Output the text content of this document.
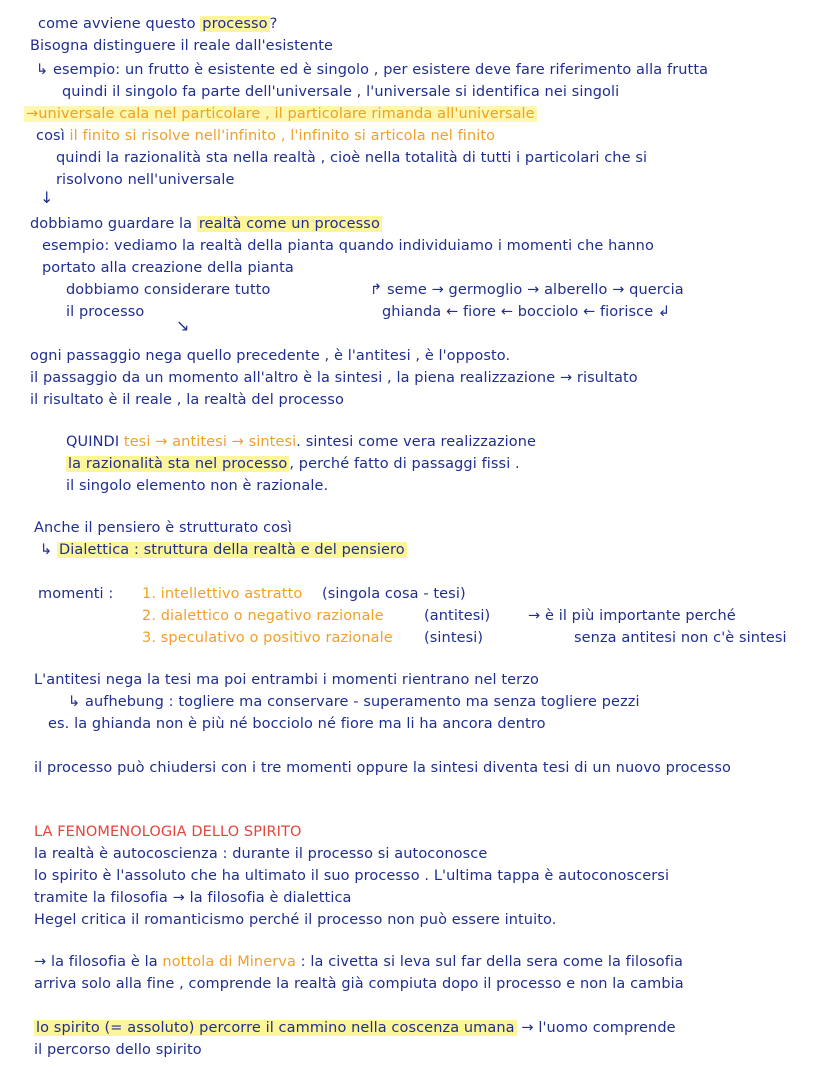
come avviene questo processo ?
Bisogna distinguere il reale dall'esistente
↳ esempio: un frutto è esistente ed è singolo , per esistere deve fare riferimento alla frutta
quindi il singolo fa parte dell'universale , l'universale si identifica nei singoli
→universale cala nel particolare , il particolare rimanda all'universale
così il finito si risolve nell'infinito , l'infinito si articola nel finito
quindi la razionalità sta nella realtà , cioè nella totalità di tutti i particolari che si
risolvono nell'universale
↓
dobbiamo guardare la realtà come un processo
esempio: vediamo la realtà della pianta quando individuiamo i momenti che hanno
portato alla creazione della pianta
dobbiamo considerare tutto	↱ seme → germoglio → alberello → quercia
il processo	ghianda ← fiore ← bocciolo ← fiorisce ↲
↘
ogni passaggio nega quello precedente , è l'antitesi , è l'opposto.
il passaggio da un momento all'altro è la sintesi , la piena realizzazione → risultato
il risultato è il reale , la realtà del processo
QUINDI tesi → antitesi → sintesi. sintesi come vera realizzazione
la razionalità sta nel processo , perché fatto di passaggi fissi .
il singolo elemento non è razionale.
Anche il pensiero è strutturato così
↳ Dialettica : struttura della realtà e del pensiero
momenti : 1. intellettivo astratto (singola cosa - tesi)
2. dialettico o negativo razionale	(antitesi)	→ è il più importante perché
3. speculativo o positivo razionale (sintesi)	senza antitesi non c'è sintesi
L'antitesi nega la tesi ma poi entrambi i momenti rientrano nel terzo
↳ aufhebung : togliere ma conservare - superamento ma senza togliere pezzi
es. la ghianda non è più né bocciolo né fiore ma li ha ancora dentro
il processo può chiudersi con i tre momenti oppure la sintesi diventa tesi di un nuovo processo
LA FENOMENOLOGIA DELLO SPIRITO
la realtà è autocoscienza : durante il processo si autoconosce
lo spirito è l'assoluto che ha ultimato il suo processo . L'ultima tappa è autoconoscersi
tramite la filosofia → la filosofia è dialettica
Hegel critica il romanticismo perché il processo non può essere intuito.
→ la filosofia è la nottola di Minerva : la civetta si leva sul far della sera come la filosofia
arriva solo alla fine , comprende la realtà già compiuta dopo il processo e non la cambia
lo spirito (= assoluto) percorre il cammino nella coscenza umana → l'uomo comprende
il percorso dello spirito
